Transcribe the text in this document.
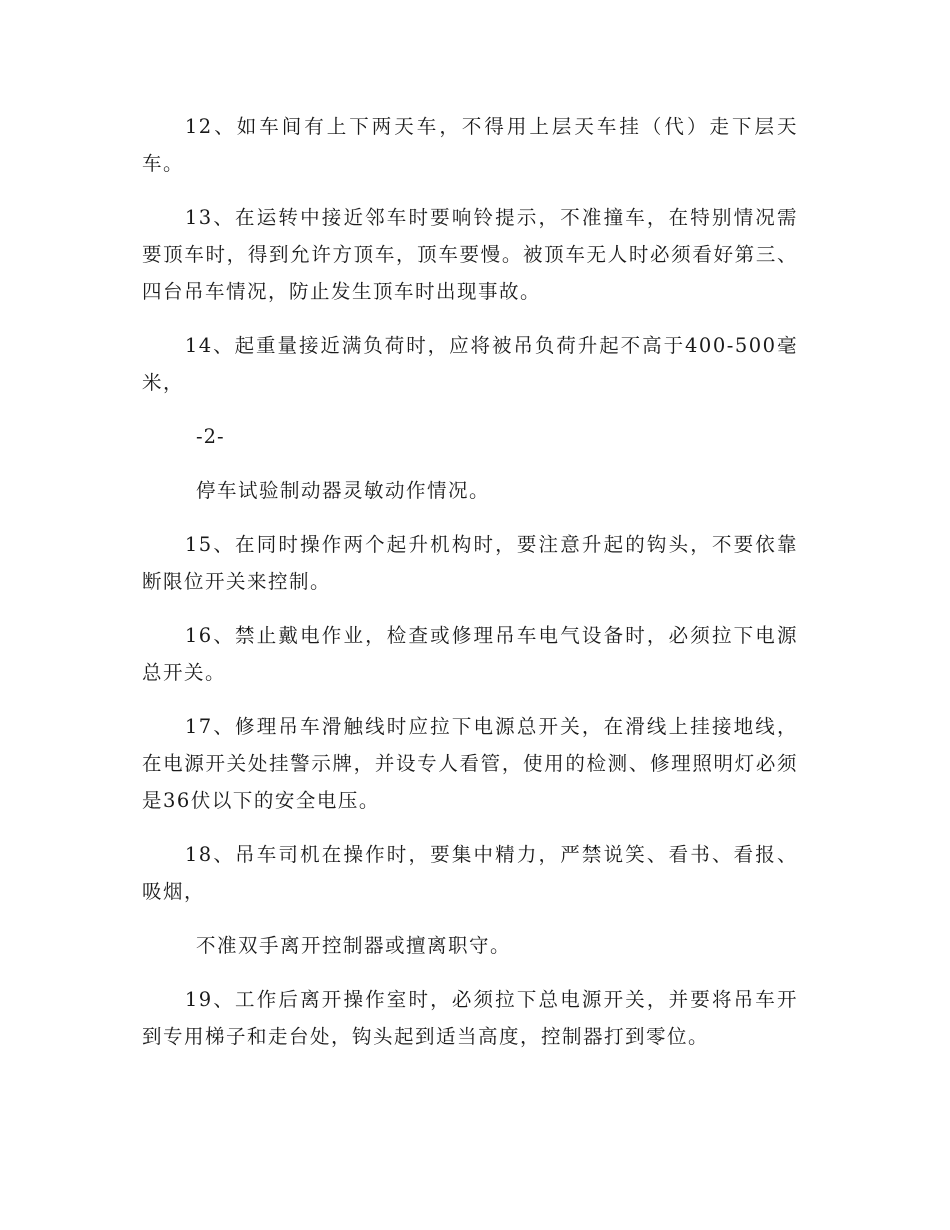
12、如车间有上下两天车，不得用上层天车挂（代）走下层天车。

13、在运转中接近邻车时要响铃提示，不准撞车，在特别情况需要顶车时，得到允许方顶车，顶车要慢。被顶车无人时必须看好第三、四台吊车情况，防止发生顶车时出现事故。

14、起重量接近满负荷时，应将被吊负荷升起不高于400-500毫米，

-2-

停车试验制动器灵敏动作情况。

15、在同时操作两个起升机构时，要注意升起的钩头，不要依靠断限位开关来控制。

16、禁止戴电作业，检查或修理吊车电气设备时，必须拉下电源总开关。

17、修理吊车滑触线时应拉下电源总开关，在滑线上挂接地线，在电源开关处挂警示牌，并设专人看管，使用的检测、修理照明灯必须是36伏以下的安全电压。

18、吊车司机在操作时，要集中精力，严禁说笑、看书、看报、吸烟，

不准双手离开控制器或擅离职守。

19、工作后离开操作室时，必须拉下总电源开关，并要将吊车开到专用梯子和走台处，钩头起到适当高度，控制器打到零位。
